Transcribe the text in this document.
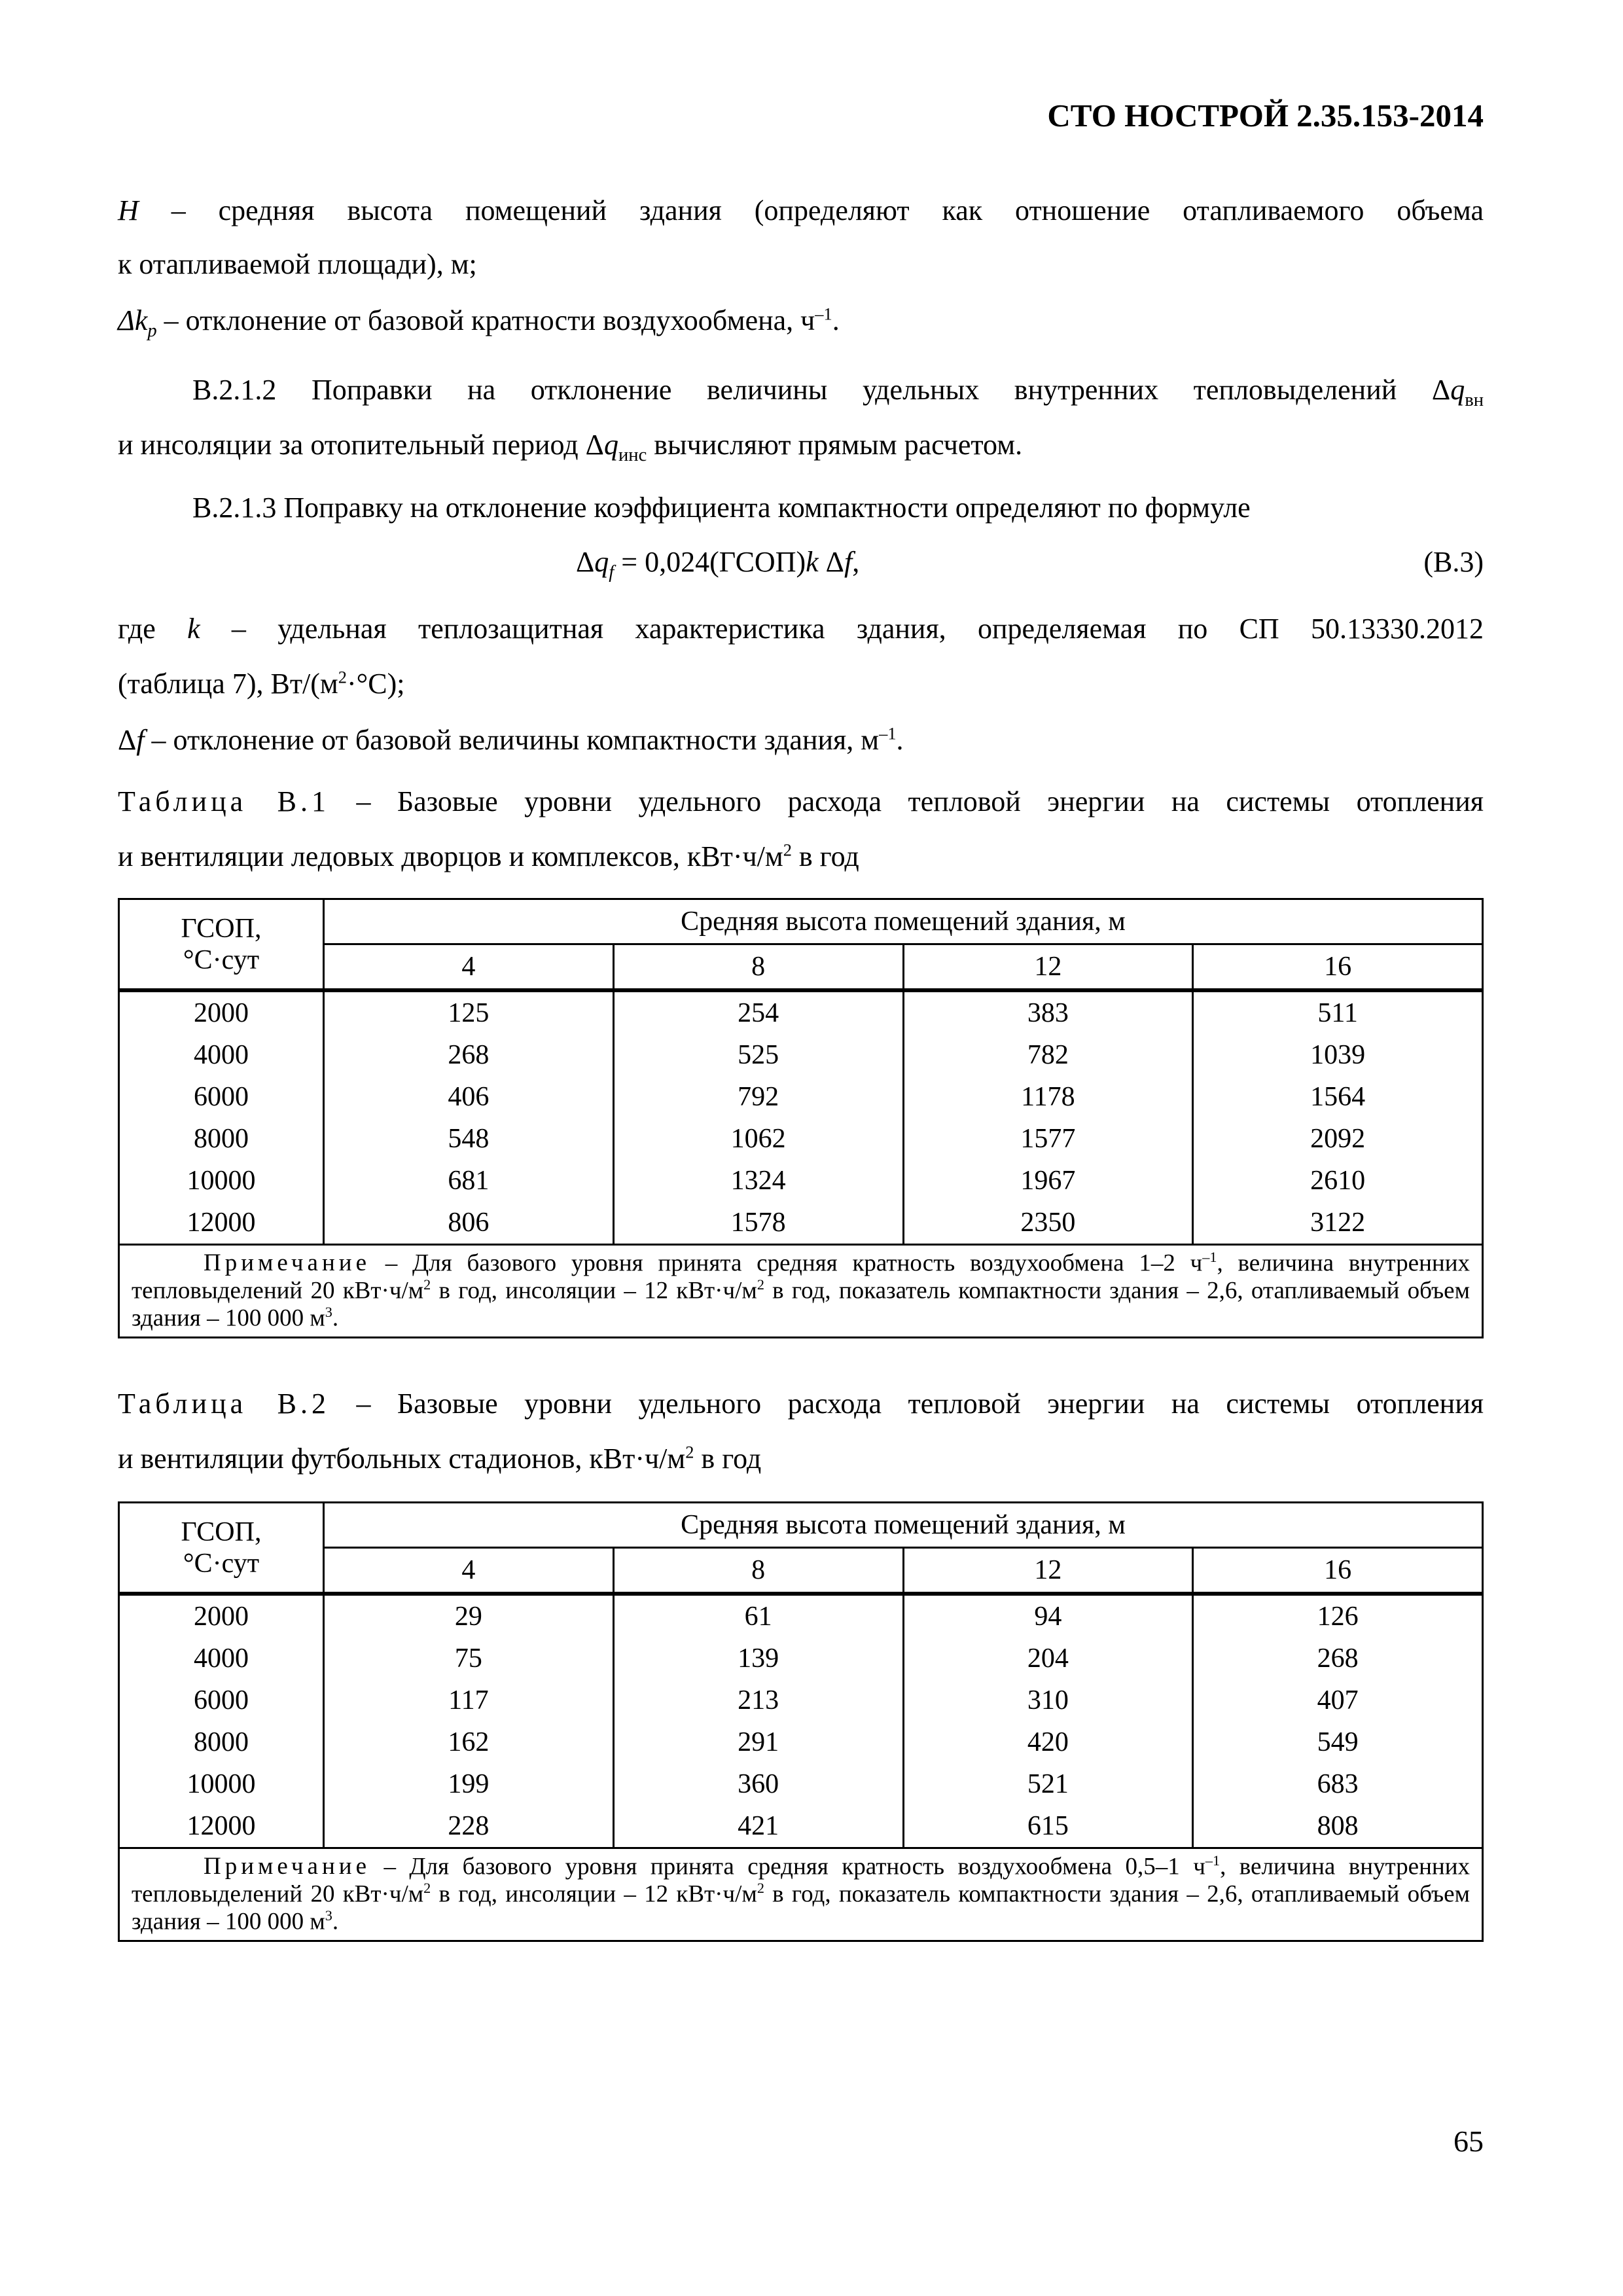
СТО НОСТРОЙ 2.35.153-2014
H – средняя высота помещений здания (определяют как отношение отапливаемого объема
к отапливаемой площади), м;
$\Delta k_р$ – отклонение от базовой кратности воздухообмена, $ч^{-1}$.
В.2.1.2 Поправки на отклонение величины удельных внутренних тепловыделений $\Delta q_{вн}$
и инсоляции за отопительный период $\Delta q_{инс}$ вычисляют прямым расчетом.
В.2.1.3 Поправку на отклонение коэффициента компактности определяют по формуле
$\Delta q_f$ = 0,024(ГСОП)k Δf,	(В.3)
где k – удельная теплозащитная характеристика здания, определяемая по СП 50.13330.2012
(таблица 7), $Вт/(м^2\cdot^\circ С)$;
Δf – отклонение от базовой величины компактности здания, $м^{-1}$.
Таблица В.1 – Базовые уровни удельного расхода тепловой энергии на системы отопления
и вентиляции ледовых дворцов и комплексов, $кВт\cdot ч/м^2$ в год
ГСОП,
°С·сут	Средняя высота помещений здания, м			
	4	8	12	16
2000	125	254	383	511
4000	268	525	782	1039
6000	406	792	1178	1564
8000	548	1062	1577	2092
10000	681	1324	1967	2610
12000	806	1578	2350	3122
Примечание – Для базового уровня принята средняя кратность воздухообмена 1–2 $ч^{-1}$, величина внутренних тепловыделений 20 $кВт\cdot ч/м^2$ в год, инсоляции – 12 $кВт\cdot ч/м^2$ в год, показатель компактности здания – 2,6, отапливаемый объем здания – 100 000 $м^3$.				
Таблица В.2 – Базовые уровни удельного расхода тепловой энергии на системы отопления
и вентиляции футбольных стадионов, $кВт\cdot ч/м^2$ в год
ГСОП,
°С·сут	Средняя высота помещений здания, м			
	4	8	12	16
2000	29	61	94	126
4000	75	139	204	268
6000	117	213	310	407
8000	162	291	420	549
10000	199	360	521	683
12000	228	421	615	808
Примечание – Для базового уровня принята средняя кратность воздухообмена 0,5–1 $ч^{-1}$, величина внутренних тепловыделений 20 $кВт\cdot ч/м^2$ в год, инсоляции – 12 $кВт\cdot ч/м^2$ в год, показатель компактности здания – 2,6, отапливаемый объем здания – 100 000 $м^3$.				
65
